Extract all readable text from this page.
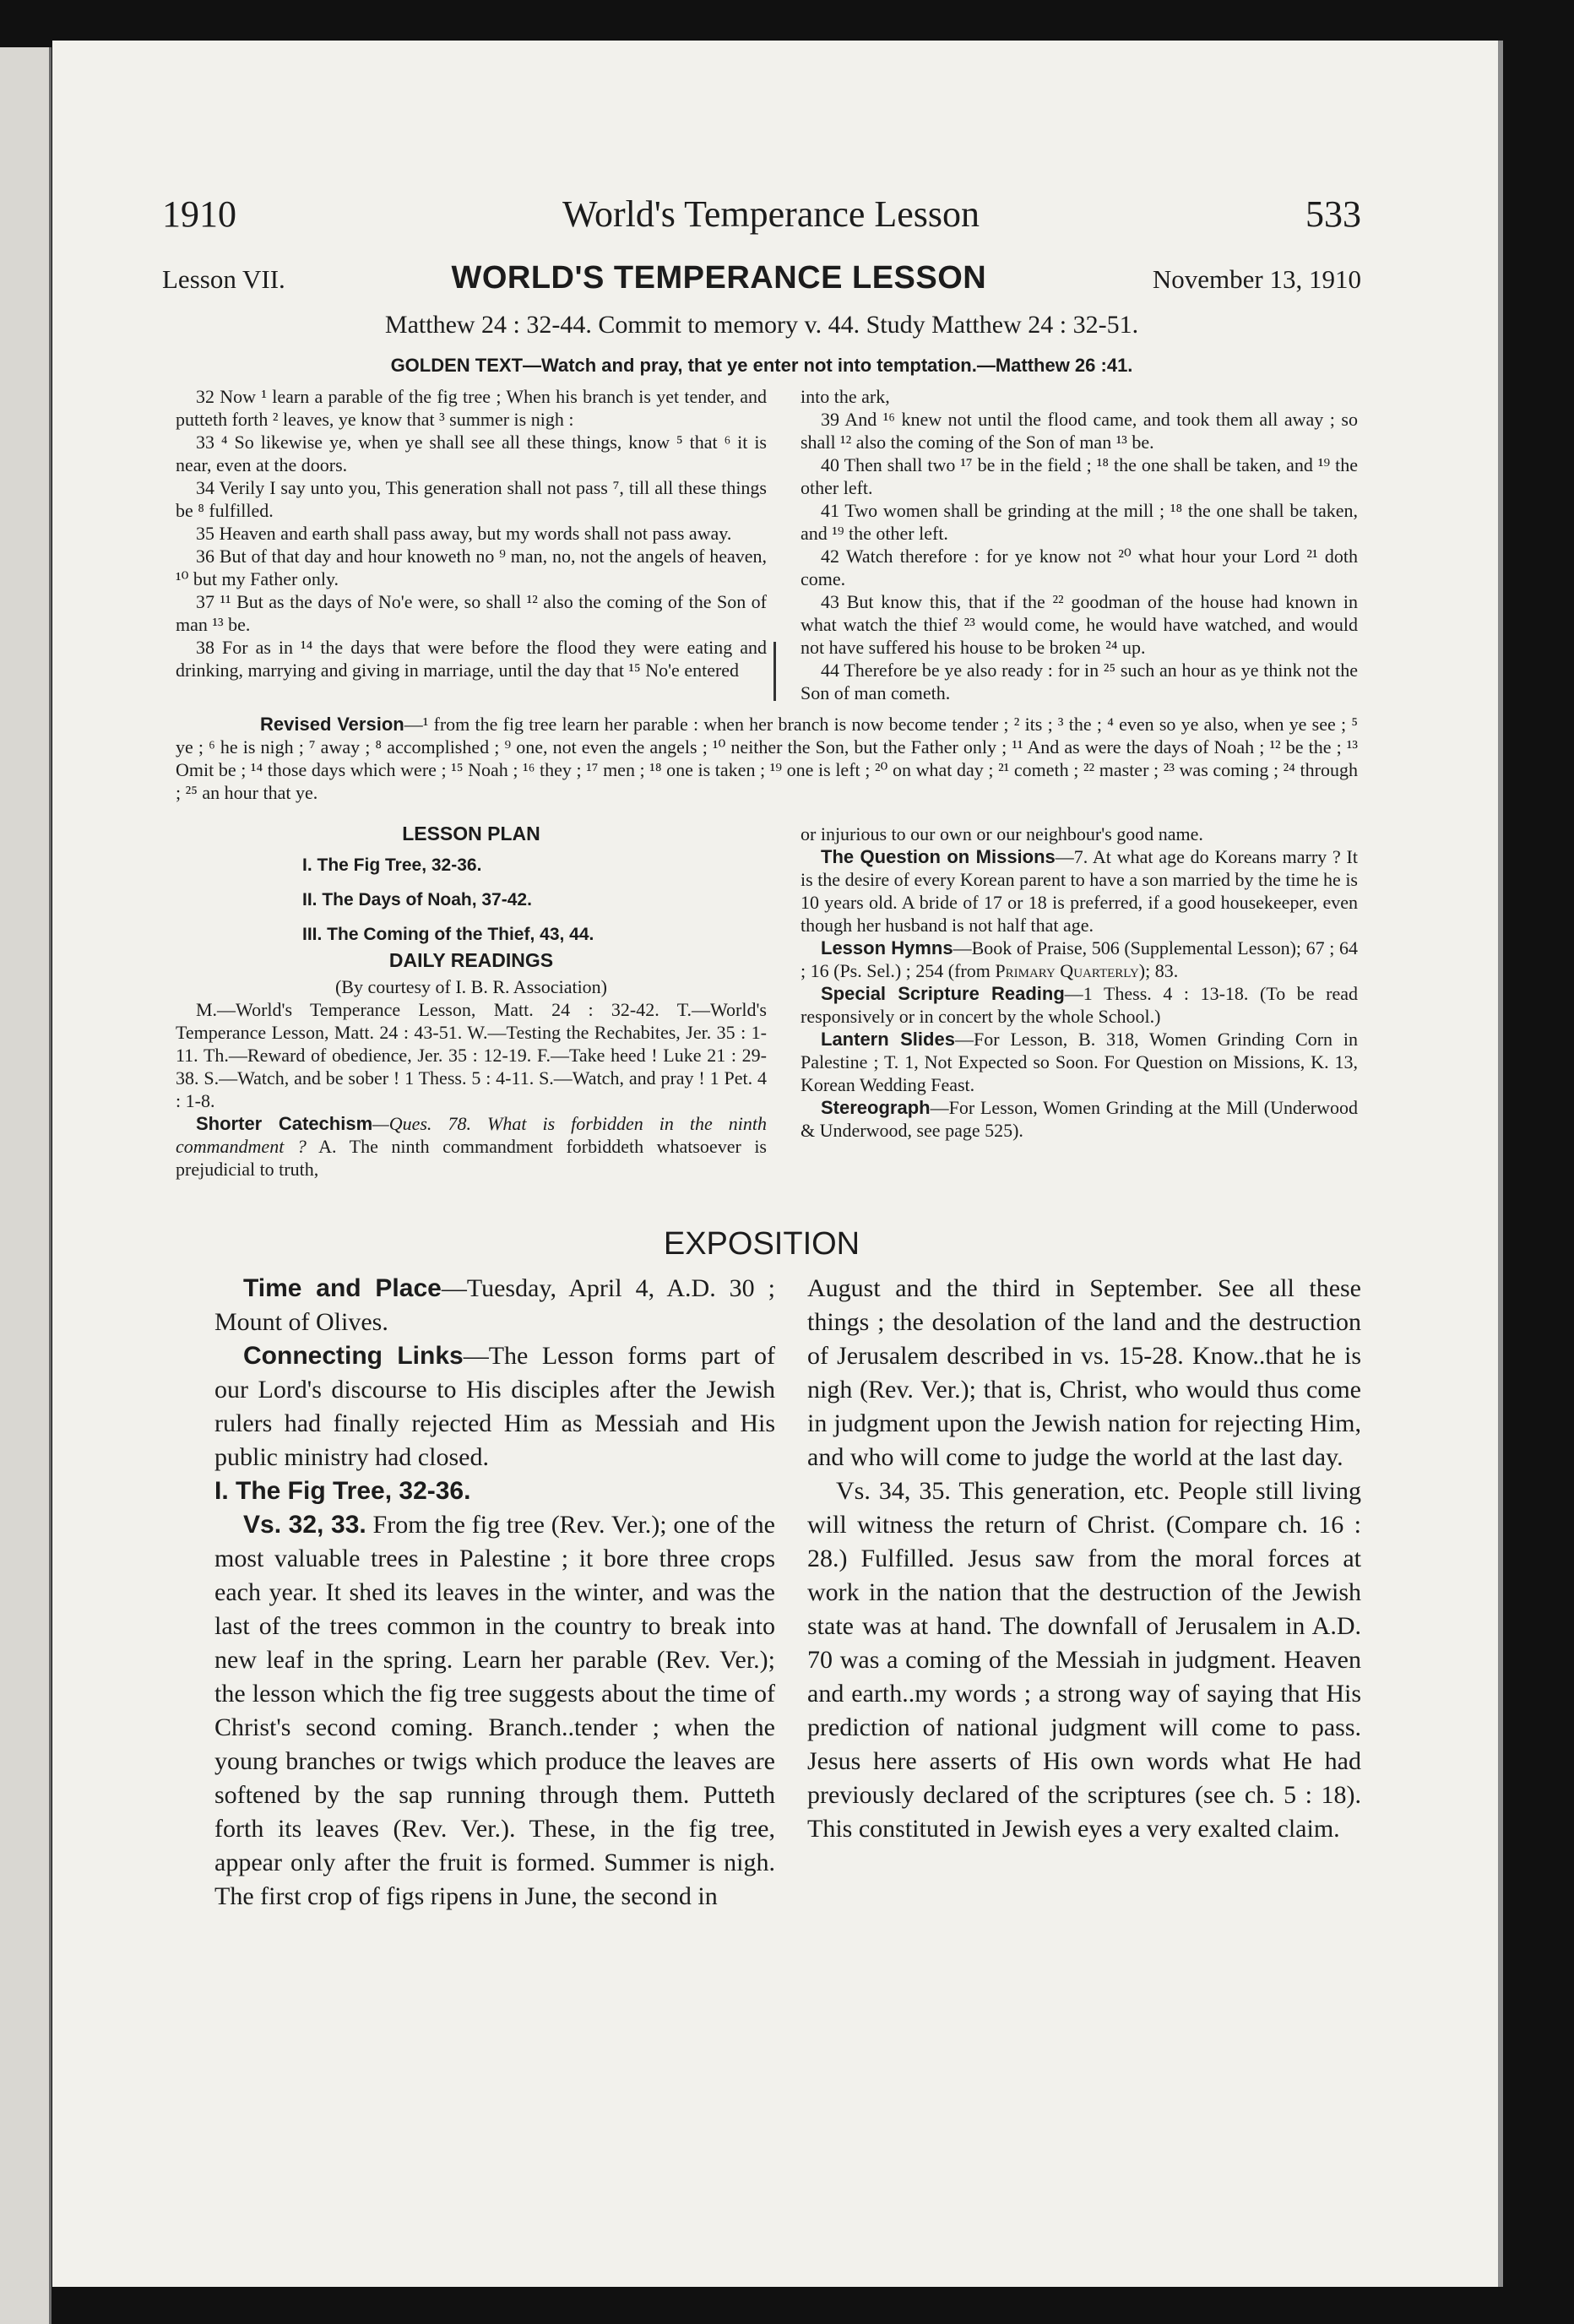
1910	World's Temperance Lesson	533
Lesson VII.	WORLD'S TEMPERANCE LESSON	November 13, 1910
Matthew 24 : 32-44. Commit to memory v. 44. Study Matthew 24 : 32-51.
GOLDEN TEXT—Watch and pray, that ye enter not into temptation.—Matthew 26 :41.

32 Now ¹ learn a parable of the fig tree ; When his branch is yet tender, and putteth forth ² leaves, ye know that ³ summer is nigh :

33 ⁴ So likewise ye, when ye shall see all these things, know ⁵ that ⁶ it is near, even at the doors.

34 Verily I say unto you, This generation shall not pass ⁷, till all these things be ⁸ fulfilled.

35 Heaven and earth shall pass away, but my words shall not pass away.

36 But of that day and hour knoweth no ⁹ man, no, not the angels of heaven, ¹⁰ but my Father only.

37 ¹¹ But as the days of No'e were, so shall ¹² also the coming of the Son of man ¹³ be.

38 For as in ¹⁴ the days that were before the flood they were eating and drinking, marrying and giving in marriage, until the day that ¹⁵ No'e entered

into the ark,

39 And ¹⁶ knew not until the flood came, and took them all away ; so shall ¹² also the coming of the Son of man ¹³ be.

40 Then shall two ¹⁷ be in the field ; ¹⁸ the one shall be taken, and ¹⁹ the other left.

41 Two women shall be grinding at the mill ; ¹⁸ the one shall be taken, and ¹⁹ the other left.

42 Watch therefore : for ye know not ²⁰ what hour your Lord ²¹ doth come.

43 But know this, that if the ²² goodman of the house had known in what watch the thief ²³ would come, he would have watched, and would not have suffered his house to be broken ²⁴ up.

44 Therefore be ye also ready : for in ²⁵ such an hour as ye think not the Son of man cometh.

Revised Version—¹ from the fig tree learn her parable : when her branch is now become tender ; ² its ; ³ the ; ⁴ even so ye also, when ye see ; ⁵ ye ; ⁶ he is nigh ; ⁷ away ; ⁸ accomplished ; ⁹ one, not even the angels ; ¹⁰ neither the Son, but the Father only ; ¹¹ And as were the days of Noah ; ¹² be the ; ¹³ Omit be ; ¹⁴ those days which were ; ¹⁵ Noah ; ¹⁶ they ; ¹⁷ men ; ¹⁸ one is taken ; ¹⁹ one is left ; ²⁰ on what day ; ²¹ cometh ; ²² master ; ²³ was coming ; ²⁴ through ; ²⁵ an hour that ye.

LESSON PLAN
I. The Fig Tree, 32-36.
II. The Days of Noah, 37-42.
III. The Coming of the Thief, 43, 44.
DAILY READINGS

(By courtesy of I. B. R. Association)

M.—World's Temperance Lesson, Matt. 24 : 32-42. T.—World's Temperance Lesson, Matt. 24 : 43-51. W.—Testing the Rechabites, Jer. 35 : 1-11. Th.—Reward of obedience, Jer. 35 : 12-19. F.—Take heed ! Luke 21 : 29-38. S.—Watch, and be sober ! 1 Thess. 5 : 4-11. S.—Watch, and pray ! 1 Pet. 4 : 1-8.

Shorter Catechism—Ques. 78. What is forbidden in the ninth commandment ? A. The ninth commandment forbiddeth whatsoever is prejudicial to truth,

or injurious to our own or our neighbour's good name.

The Question on Missions—7. At what age do Koreans marry ? It is the desire of every Korean parent to have a son married by the time he is 10 years old. A bride of 17 or 18 is preferred, if a good housekeeper, even though her husband is not half that age.

Lesson Hymns—Book of Praise, 506 (Supplemental Lesson); 67 ; 64 ; 16 (Ps. Sel.) ; 254 (from Primary Quarterly); 83.

Special Scripture Reading—1 Thess. 4 : 13-18. (To be read responsively or in concert by the whole School.)

Lantern Slides—For Lesson, B. 318, Women Grinding Corn in Palestine ; T. 1, Not Expected so Soon. For Question on Missions, K. 13, Korean Wedding Feast.

Stereograph—For Lesson, Women Grinding at the Mill (Underwood & Underwood, see page 525).

EXPOSITION

Time and Place—Tuesday, April 4, A.D. 30 ; Mount of Olives.

Connecting Links—The Lesson forms part of our Lord's discourse to His disciples after the Jewish rulers had finally rejected Him as Messiah and His public ministry had closed.

I. The Fig Tree, 32-36.

Vs. 32, 33. From the fig tree (Rev. Ver.); one of the most valuable trees in Palestine ; it bore three crops each year. It shed its leaves in the winter, and was the last of the trees common in the country to break into new leaf in the spring. Learn her parable (Rev. Ver.); the lesson which the fig tree suggests about the time of Christ's second coming. Branch..tender ; when the young branches or twigs which produce the leaves are softened by the sap running through them. Putteth forth its leaves (Rev. Ver.). These, in the fig tree, appear only after the fruit is formed. Summer is nigh. The first crop of figs ripens in June, the second in

August and the third in September. See all these things ; the desolation of the land and the destruction of Jerusalem described in vs. 15-28. Know..that he is nigh (Rev. Ver.); that is, Christ, who would thus come in judgment upon the Jewish nation for rejecting Him, and who will come to judge the world at the last day.

Vs. 34, 35. This generation, etc. People still living will witness the return of Christ. (Compare ch. 16 : 28.) Fulfilled. Jesus saw from the moral forces at work in the nation that the destruction of the Jewish state was at hand. The downfall of Jerusalem in A.D. 70 was a coming of the Messiah in judgment. Heaven and earth..my words ; a strong way of saying that His prediction of national judgment will come to pass. Jesus here asserts of His own words what He had previously declared of the scriptures (see ch. 5 : 18). This constituted in Jewish eyes a very exalted claim.
